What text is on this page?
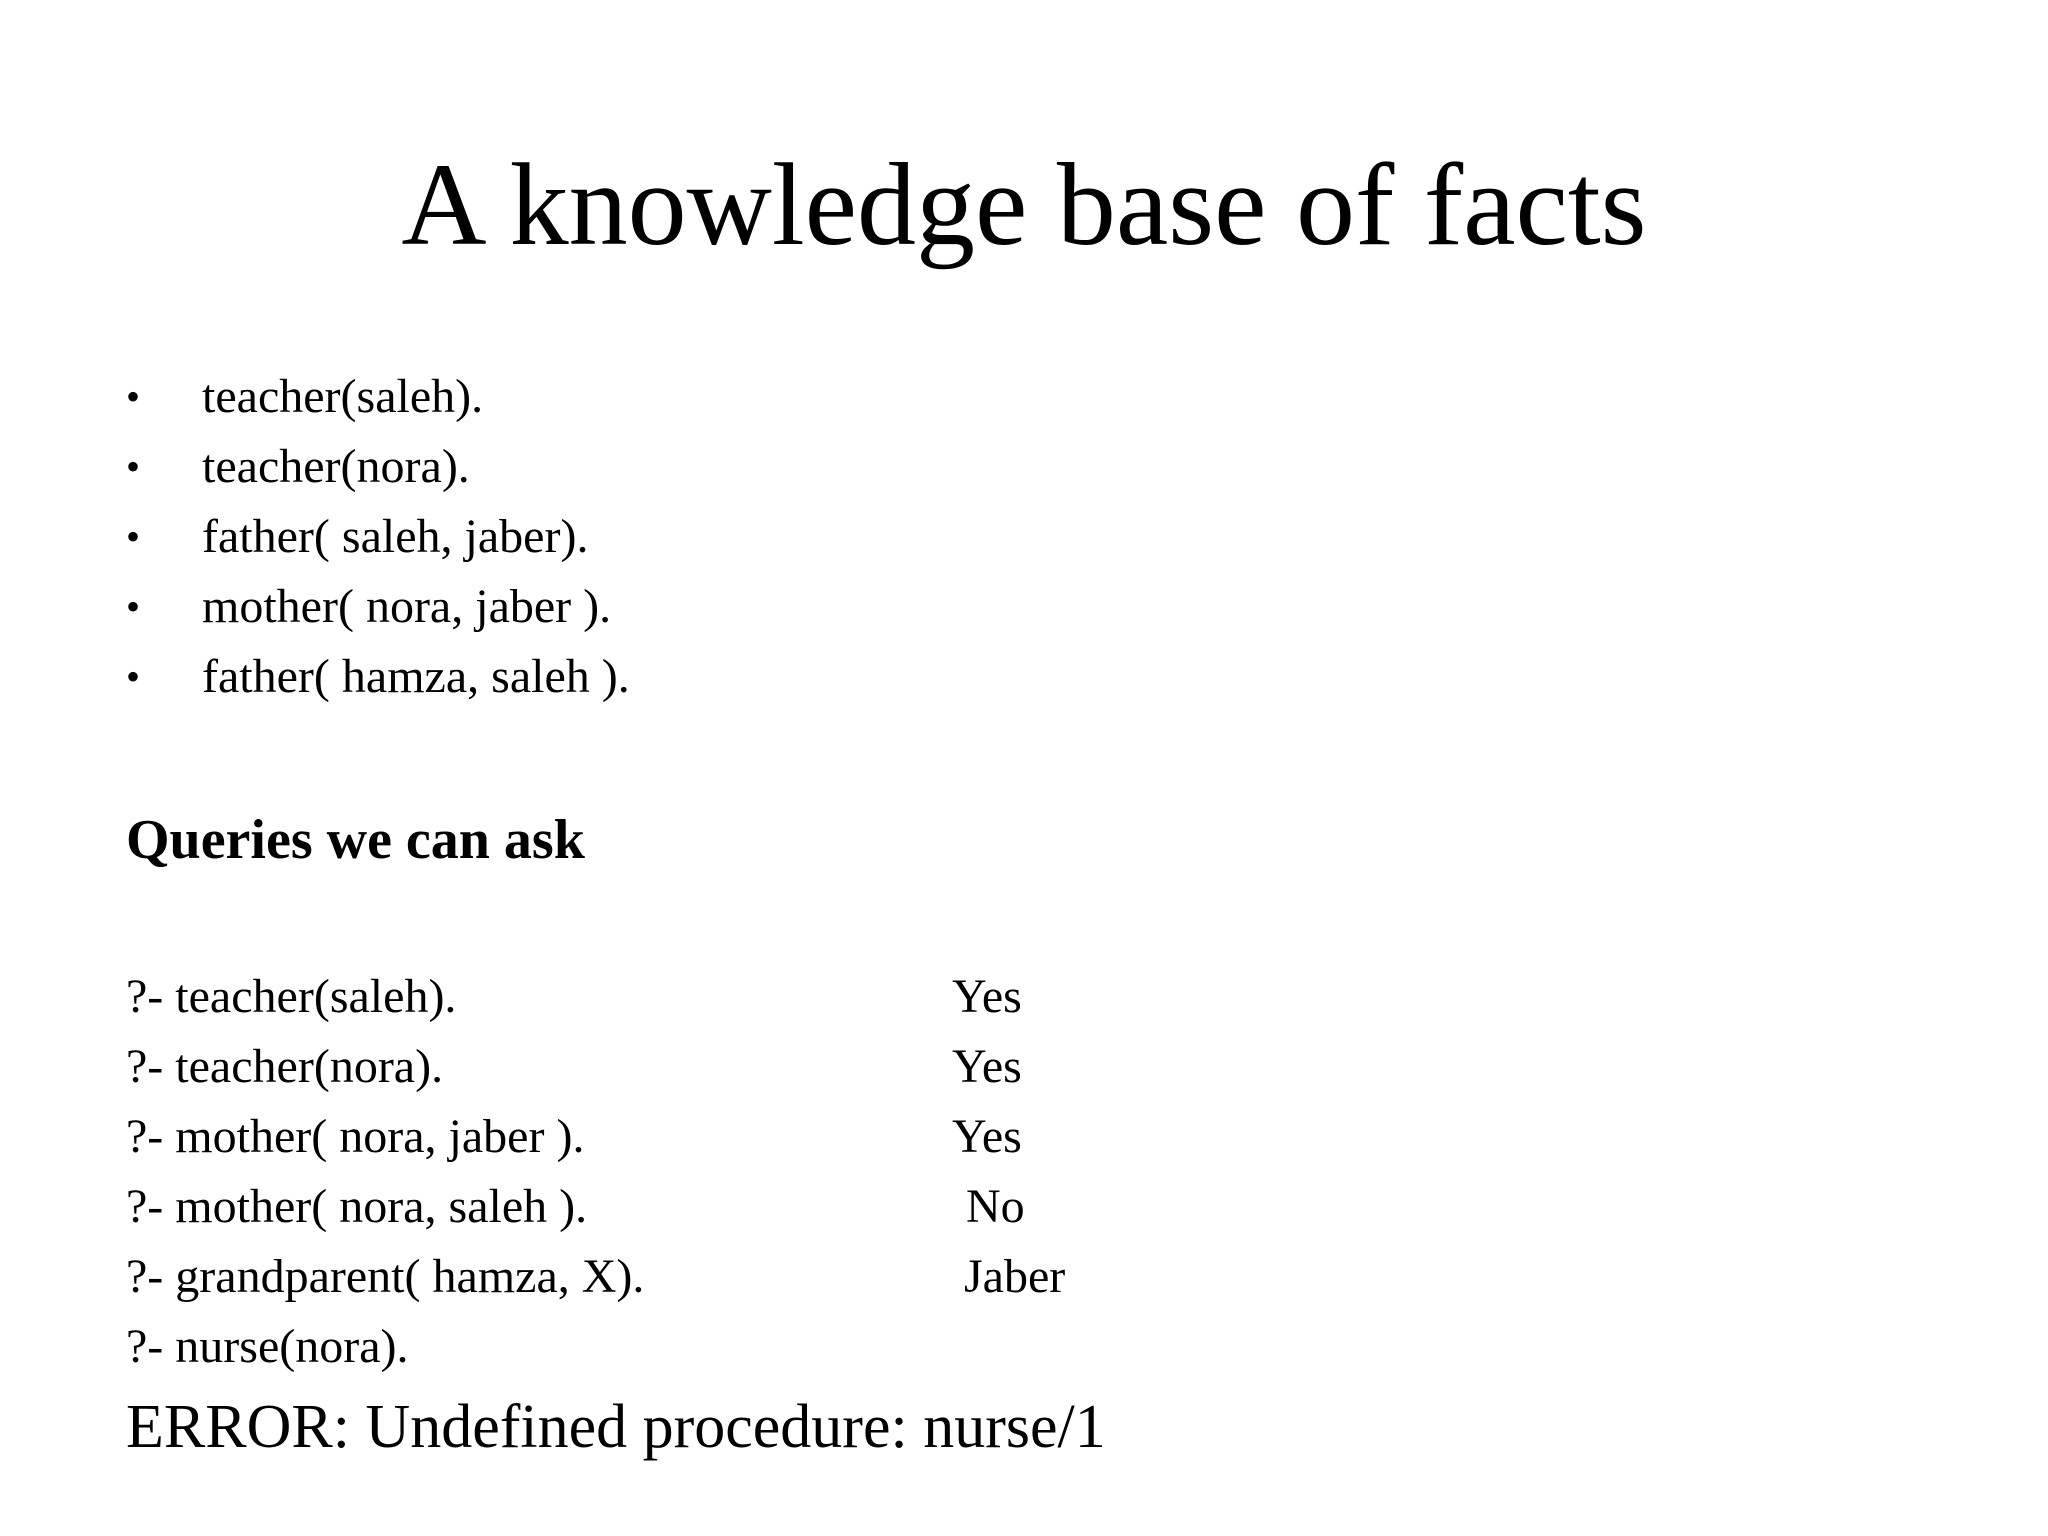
A knowledge base of facts
• teacher(saleh).
• teacher(nora).
• father( saleh, jaber).
• mother( nora, jaber ).
• father( hamza, saleh ).
Queries we can ask
?- teacher(saleh).	Yes
?- teacher(nora).	Yes
?- mother( nora, jaber ).	Yes
?- mother( nora, saleh ).	No
?- grandparent( hamza, X).	Jaber
?- nurse(nora).
ERROR: Undefined procedure: nurse/1
